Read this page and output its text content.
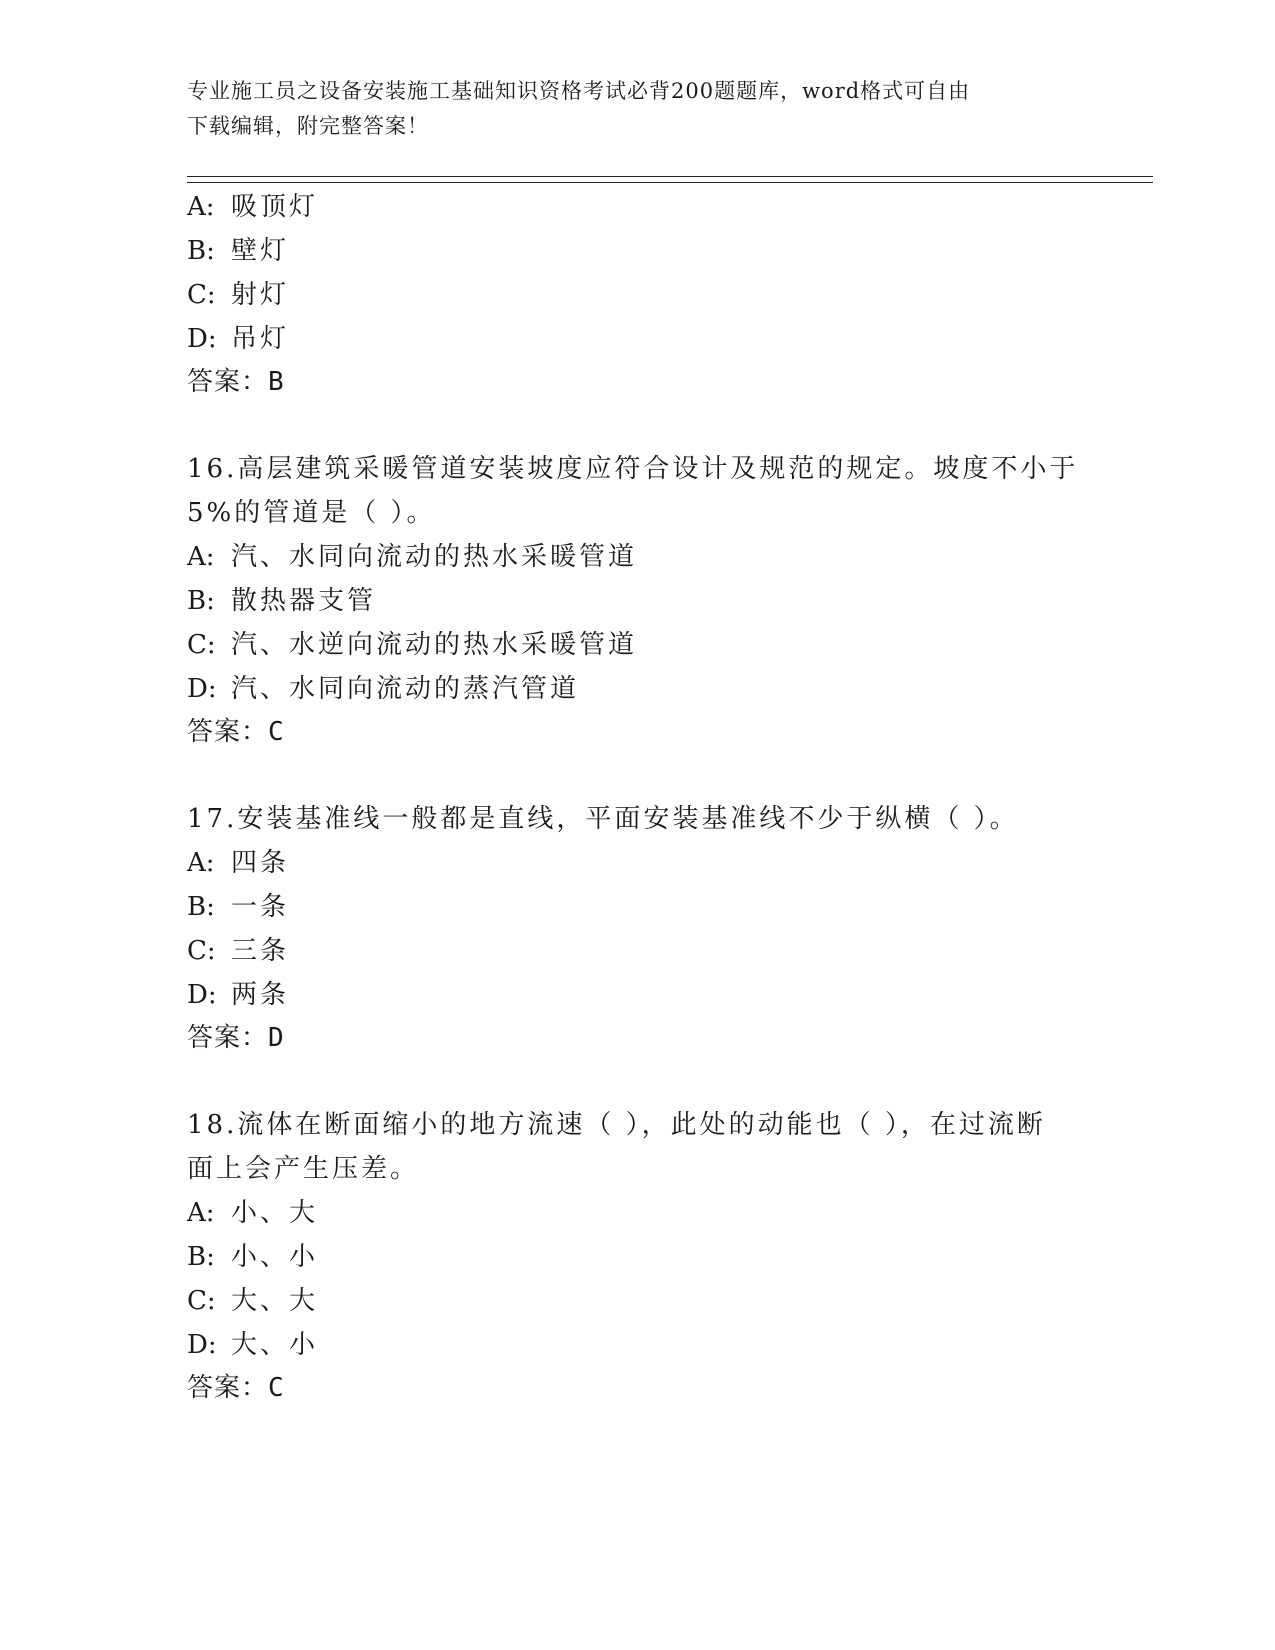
专业施工员之设备安装施工基础知识资格考试必背200题题库，word格式可自由
下载编辑，附完整答案！
A: 吸顶灯
B: 壁灯
C: 射灯
D: 吊灯
答案：B
16.高层建筑采暖管道安装坡度应符合设计及规范的规定。坡度不小于
5%的管道是（ ）。
A: 汽、水同向流动的热水采暖管道
B: 散热器支管
C: 汽、水逆向流动的热水采暖管道
D: 汽、水同向流动的蒸汽管道
答案：C
17.安装基准线一般都是直线，平面安装基准线不少于纵横（ ）。
A: 四条
B: 一条
C: 三条
D: 两条
答案：D
18.流体在断面缩小的地方流速（ ），此处的动能也（ ），在过流断
面上会产生压差。
A: 小、大
B: 小、小
C: 大、大
D: 大、小
答案：C
